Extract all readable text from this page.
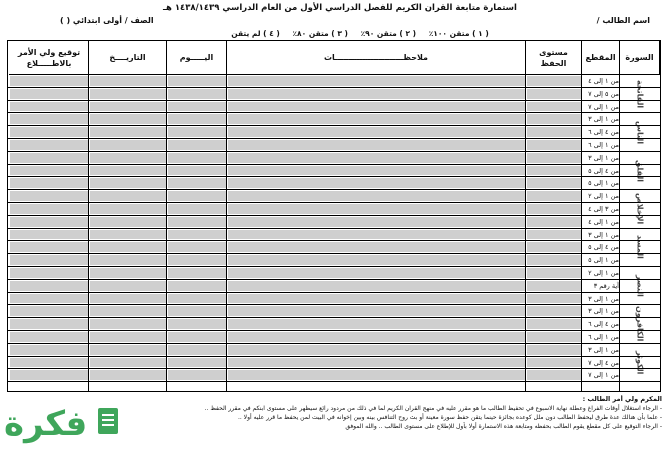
استمارة متابعة القران الكريم للفصل الدراسي الأول من العام الدراسي ١٤٣٨/١٤٣٩ هـ
اسم الطالب /
الصف / أولى ابتدائي ( )
( ١ ) متقن ١٠٠٪ ( ٢ ) متقن ٩٠٪ ( ٣ ) متقن ٨٠٪ ( ٤ ) لم يتقن
السورة
المقطع
مستوى الحفظ
ملاحظـــــــــــــــــــــــــات
اليـــــوم
التاريــــخ
توقيع ولي الأمر بالاطـــــلاع
الفاتحة
من ١ إلى ٤
من ٥ إلى ٧
من ١ إلى ٧
الناس
من ١ إلى ٣
من ٤ إلى ٦
من ١ إلى ٦
الفلق
من ١ إلى ٣
من ٤ إلى ٥
من ١ إلى ٥
الإخلاص
من ١ إلى ٢
من ٣ إلى ٤
من ١ إلى ٤
المسد
من ١ إلى ٣
من ٤ إلى ٥
من ١ إلى ٥
النصر
من ١ إلى ٢
آية رقم ٣
من ١ إلى ٣
الكافرون
من ١ إلى ٣
من ٤ إلى ٦
من ١ إلى ٦
الكوثر
من ١ إلى ٣
من ٤ إلى ٧
من ١ إلى ٧

المكرم ولي أمر الطالب :

- الرجاء استغلال أوقات الفراغ وعطلة نهاية الاسبوع في تحفيظ الطالب ما هو مقرر عليه في منهج القران الكريم لما في ذلك من مردود رائع سيظهر على مستوى ابنكم في مقرر الحفظ ..

- علما بأن هنالك عدة طرق ليحفظ الطالب دون ملل كوعده بجائزة حينما يتقن حفظ سورة معينة أو بث روح التنافس بينه وبين إخوانه في البيت لمن يحفظ ما قرر عليه أولا ..

- الرجاء التوقيع على كل مقطع يقوم الطالب بحفظه ومتابعة هذه الاستمارة أولا بأول للإطلاع على مستوى الطالب .. والله الموفق

فكرة
